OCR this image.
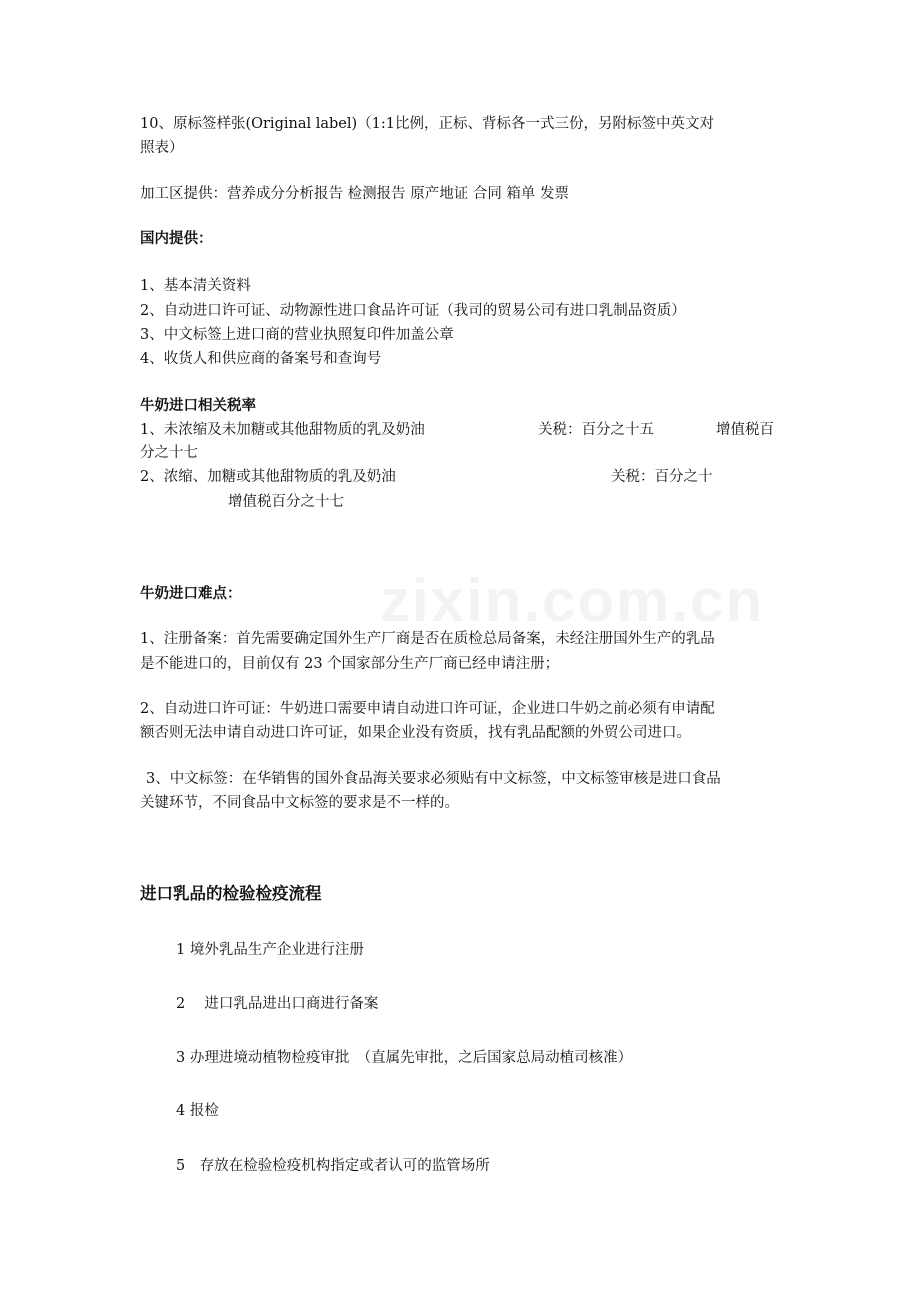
10、原标签样张(Original label)（1:1比例，正标、背标各一式三份，另附标签中英文对
照表）
加工区提供：营养成分分析报告 检测报告 原产地证 合同 箱单 发票
国内提供：
1、基本清关资料
2、自动进口许可证、动物源性进口食品许可证（我司的贸易公司有进口乳制品资质）
3、中文标签上进口商的营业执照复印件加盖公章
4、收货人和供应商的备案号和查询号
牛奶进口相关税率
1、未浓缩及未加糖或其他甜物质的乳及奶油	关税：百分之十五	增值税百
分之十七
2、浓缩、加糖或其他甜物质的乳及奶油	关税：百分之十
增值税百分之十七
牛奶进口难点：
1、注册备案：首先需要确定国外生产厂商是否在质检总局备案，未经注册国外生产的乳品
是不能进口的，目前仅有 23 个国家部分生产厂商已经申请注册；
2、自动进口许可证：牛奶进口需要申请自动进口许可证，企业进口牛奶之前必须有申请配
额否则无法申请自动进口许可证，如果企业没有资质，找有乳品配额的外贸公司进口。
3、中文标签：在华销售的国外食品海关要求必须贴有中文标签，中文标签审核是进口食品
关键环节，不同食品中文标签的要求是不一样的。
进口乳品的检验检疫流程
1 境外乳品生产企业进行注册
2　 进口乳品进出口商进行备案
3 办理进境动植物检疫审批　（直属先审批，之后国家总局动植司核准）
4 报检
5　存放在检验检疫机构指定或者认可的监管场所
